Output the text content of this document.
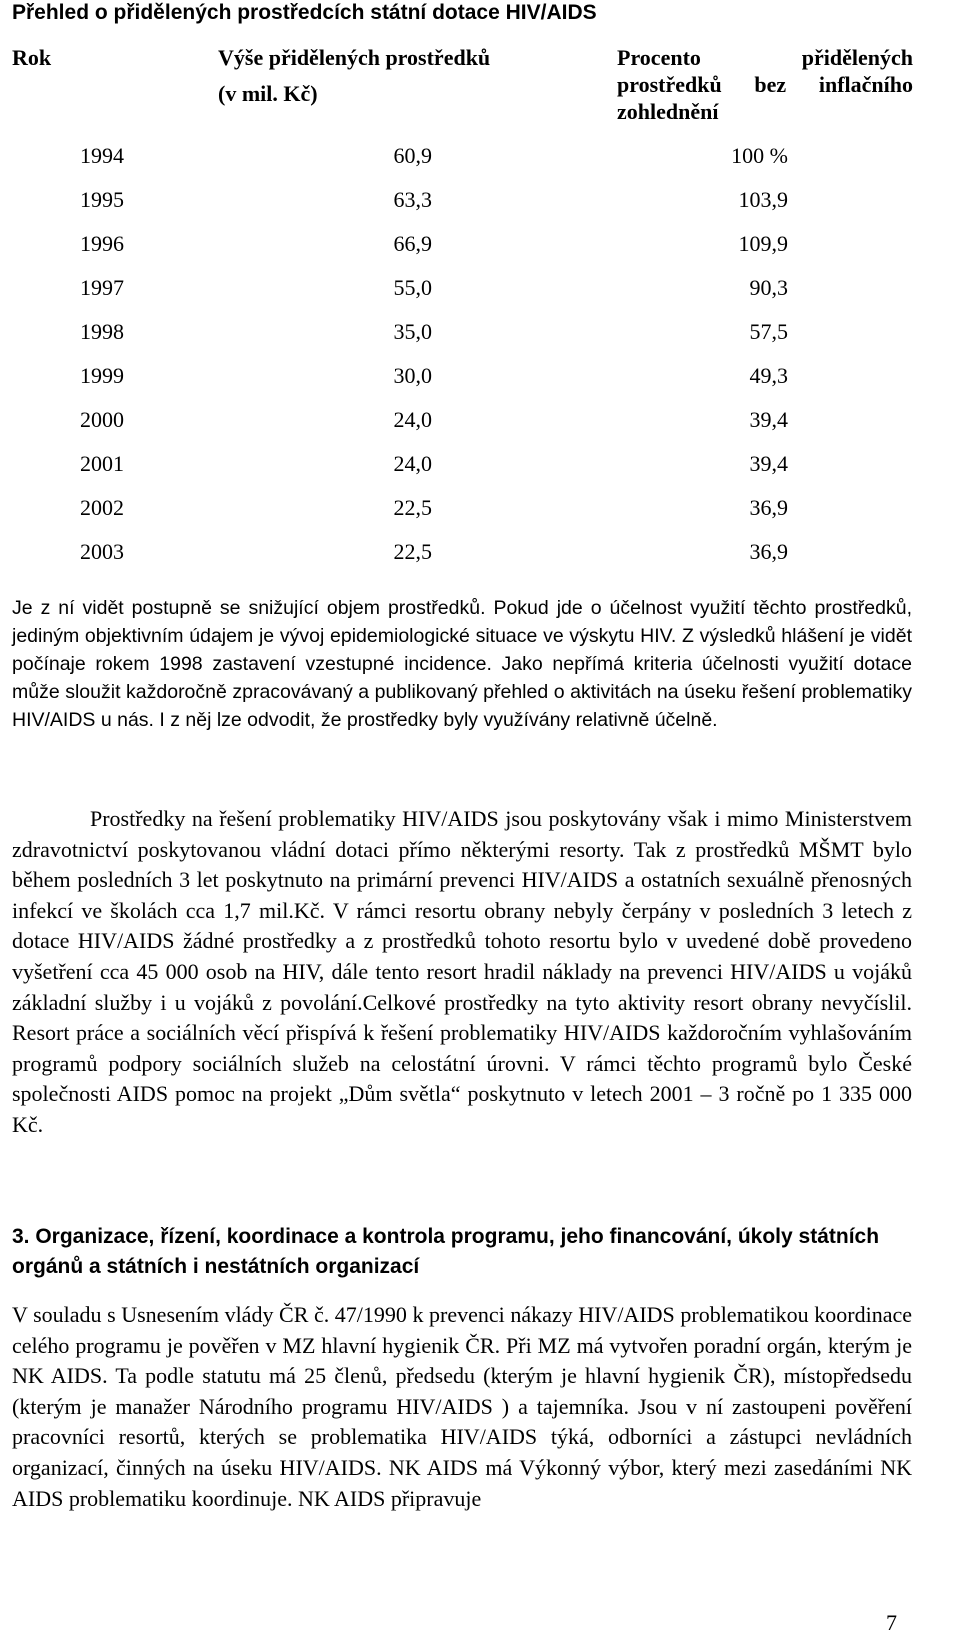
Přehled o přidělených prostředcích státní dotace HIV/AIDS
Rok	Výše přidělených prostředků
(v mil. Kč)
Procento přidělených prostředků bez inflačního zohlednění
1994	60,9	100 %
1995	63,3	103,9
1996	66,9	109,9
1997	55,0	90,3
1998	35,0	57,5
1999	30,0	49,3
2000	24,0	39,4
2001	24,0	39,4
2002	22,5	36,9
2003	22,5	36,9

Je z ní vidět postupně se snižující objem prostředků. Pokud jde o účelnost využití těchto prostředků, jediným objektivním údajem je vývoj epidemiologické situace ve výskytu HIV. Z výsledků hlášení je vidět počínaje rokem 1998 zastavení vzestupné incidence. Jako nepřímá kriteria účelnosti využití dotace může sloužit každoročně zpracovávaný a publikovaný přehled o aktivitách na úseku řešení problematiky HIV/AIDS u nás. I z něj lze odvodit, že prostředky byly využívány relativně účelně.

Prostředky na řešení problematiky HIV/AIDS jsou poskytovány však i mimo Ministerstvem zdravotnictví poskytovanou vládní dotaci přímo některými resorty. Tak z prostředků MŠMT bylo během posledních 3 let poskytnuto na primární prevenci HIV/AIDS a ostatních sexuálně přenosných infekcí ve školách cca 1,7 mil.Kč. V rámci resortu obrany nebyly čerpány v posledních 3 letech z dotace HIV/AIDS žádné prostředky a z prostředků tohoto resortu bylo v uvedené době provedeno vyšetření cca 45 000 osob na HIV, dále tento resort hradil náklady na prevenci HIV/AIDS u vojáků základní služby i u vojáků z povolání.Celkové prostředky na tyto aktivity resort obrany nevyčíslil. Resort práce a sociálních věcí přispívá k řešení problematiky HIV/AIDS každoročním vyhlašováním programů podpory sociálních služeb na celostátní úrovni. V rámci těchto programů bylo České společnosti AIDS pomoc na projekt „Dům světla“ poskytnuto v letech 2001 – 3 ročně po 1 335 000 Kč.

3. Organizace, řízení, koordinace a kontrola programu, jeho financování, úkoly státních orgánů a státních i nestátních organizací

V souladu s Usnesením vlády ČR č. 47/1990 k prevenci nákazy HIV/AIDS problematikou koordinace celého programu je pověřen v MZ hlavní hygienik ČR. Při MZ má vytvořen poradní orgán, kterým je NK AIDS. Ta podle statutu má 25 členů, předsedu (kterým je hlavní hygienik ČR), místopředsedu (kterým je manažer Národního programu HIV/AIDS ) a tajemníka. Jsou v ní zastoupeni pověření pracovníci resortů, kterých se problematika HIV/AIDS týká, odborníci a zástupci nevládních organizací, činných na úseku HIV/AIDS. NK AIDS má Výkonný výbor, který mezi zasedáními NK AIDS problematiku koordinuje. NK AIDS připravuje

7
